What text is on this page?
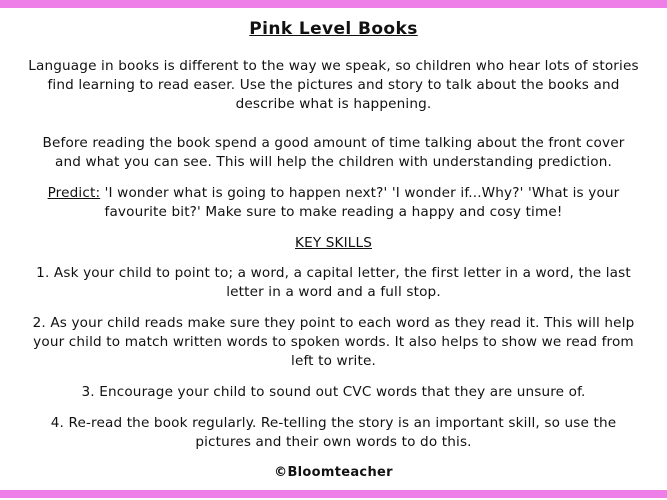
Pink Level Books
Language in books is different to the way we speak, so children who hear lots of stories
find learning to read easer. Use the pictures and story to talk about the books and
describe what is happening.
Before reading the book spend a good amount of time talking about the front cover
and what you can see. This will help the children with understanding prediction.
Predict: 'I wonder what is going to happen next?' 'I wonder if...Why?' 'What is your
favourite bit?' Make sure to make reading a happy and cosy time!
KEY SKILLS
1. Ask your child to point to; a word, a capital letter, the first letter in a word, the last
letter in a word and a full stop.
2. As your child reads make sure they point to each word as they read it. This will help
your child to match written words to spoken words. It also helps to show we read from
left to write.
3. Encourage your child to sound out CVC words that they are unsure of.
4. Re-read the book regularly. Re-telling the story is an important skill, so use the
pictures and their own words to do this.
©Bloomteacher
